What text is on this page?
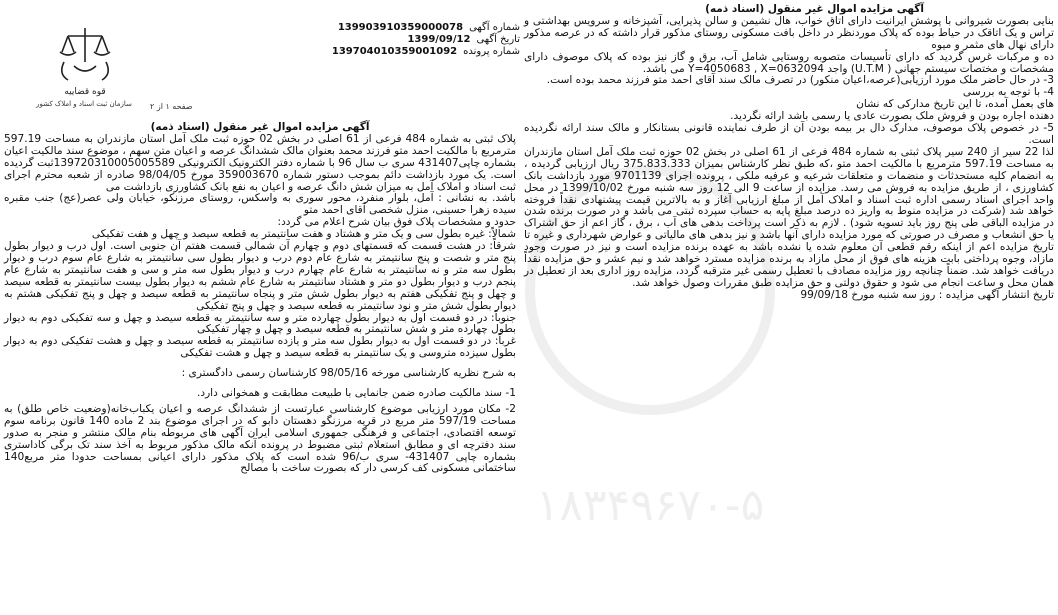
قوه قضاییه
سازمان ثبت اسناد و املاک کشور	صفحه ۱ از ۲
شماره آگهی
139903910359000078
تاریخ آگهی
1399/09/12
شماره پرونده
139704010359001092
۱۸۳۴۹۶۷۰-۵

آگهی مزایده اموال غیر منقول (اسناد ذمه)

پلاک ثبتی به شماره 484 فرعی از 61 اصلی در بخش 02 حوزه ثبت ملک آمل استان مازندران به مساحت 597.19 مترمربع با مالکیت احمد متو فرزند محمد بعنوان مالک ششدانگ عرصه و اعیان متن سهم ، موضوع سند مالکیت اعیان بشماره چاپی431407 سری ب سال 96 با شماره دفتر الکترونیک الکترونیکی 139720310005005589ثبت گردیده است. یک مورد بازداشت دائم بموجب دستور شماره 359003670 مورخ 98/04/05 صادره از شعبه محترم اجرای ثبت اسناد و املاک آمل به میزان شش دانگ عرصه و اعیان به نفع بانک کشاورزی بازداشت می

باشد. به نشانی : آمل، بلوار منفرد، محور سوری به واسکس، روستای مرزنکو، خیابان ولی عصر(عج) جنب مقبره سیده زهرا حسینی، منزل شخصی آقای احمد متو

حدود و مشخصات پلاک فوق بیان شرح اعلام می گردد:

شمالاً: غیره بطول سی و یک متر و هشتاد و هفت سانتیمتر به قطعه سیصد و چهل و هفت تفکیکی

شرقاً: در هشت قسمت که قسمتهای دوم و چهارم آن شمالی قسمت هفتم آن جنوبی است. اول درب و دیوار بطول پنج متر و شصت و پنج سانتیمتر به شارع عام دوم درب و دیوار بطول سی سانتیمتر به شارع عام سوم درب و دیوار بطول سه متر و نه سانتیمتر به شارع عام چهارم درب و دیوار بطول سه متر و سی و هفت سانتیمتر به شارع عام پنجم درب و دیوار بطول دو متر و هشتاد سانتیمتر به شارع عام ششم به دیوار بطول بیست سانتیمتر به قطعه سیصد و چهل و پنج تفکیکی هفتم به دیوار بطول شش متر و پنجاه سانتیمتر به قطعه سیصد و چهل و پنج تفکیکی هشتم به دیوار بطول شش متر و نود سانتیمتر به قطعه سیصد و چهل و پنج تفکیکی

جنوباً: در دو قسمت اول به دیوار بطول چهارده متر و سه سانتیمتر به قطعه سیصد و چهل و سه تفکیکی دوم به دیوار بطول چهارده متر و شش سانتیمتر به قطعه سیصد و چهل و چهار تفکیکی

غرباً: در دو قسمت اول به دیوار بطول سه متر و یازده سانتیمتر به قطعه سیصد و چهل و هشت تفکیکی دوم به دیوار بطول سیزده متروسی و یک سانتیمتر به قطعه سیصد و چهل و هشت تفکیکی

به شرح نظریه کارشناسی مورخه 98/05/16 کارشناسان رسمی دادگستری :

1- سند مالکیت صادره ضمن جانمایی با طبیعت مطابقت و همخوانی دارد.

2- مکان مورد ارزیابی موضوع کارشناسی عبارتست از ششدانگ عرصه و اعیان یکباب‌خانه(وضعیت خاص طلق) به مساحت 597/19 متر مربع در قریه مرزنگو دهستان دابو که در اجرای موضوع بند 2 ماده 140 قانون برنامه سوم توسعه اقتصادی، اجتماعی و فرهنگی جمهوری اسلامی ایران آگهی های مربوطه بنام مالک منتشر و منجر به صدور سند دفترچه ای و مطابق استعلام ثبتی مضبوط در پرونده آنکه مالک مذکور مربوط به آخذ سند تک برگی کاداستری بشماره چاپی 431407- سری ب/96 شده است که پلاک مذکور دارای اعیانی بمساحت حدودا متر مربع140 ساختمانی مسکونی کف کرسی دار که بصورت ساخت با مصالح

آگهی مزایده اموال غیر منقول (اسناد ذمه)

بنایی بصورت شیروانی با پوشش ایرانیت دارای اتاق خواب، هال نشیمن و سالن پذیرایی، آشپزخانه و سرویس بهداشتی و تراس و یک اتاقک در حیاط بوده که پلاک موردنظر در داخل بافت مسکونی روستای مذکور قرار داشته که در عرصه مذکور دارای نهال های مثمر و میوه

ده و مرکبات غرس گردید که دارای تأسیسات متصوبه روستایی شامل آب، برق و گاز نیز بوده که پلاک موصوف دارای مشخصات و مختصات سیستم جهانی ( U.T.M) واجد Y=4050683 , X=0632094 می باشد.

3- در حال حاضر ملک مورد ارزیابی(عرصه،اعیان منکور) در تصرف مالک سند آقای احمد متو فرزند محمد بوده است.

4- با توجه به بررسی

های بعمل آمده، تا این تاریخ مدارکی که نشان

دهنده اجاره بودن و فروش ملک بصورت عادی یا رسمی باشد ارائه نگردید.

5- در خصوص پلاک موصوف، مدارک دال بر بیمه بودن آن از طرف نماینده قانونی بستانکار و مالک سند ارائه نگردیده است.

لذا 22 سیر از 240 سیر پلاک ثبتی به شماره 484 فرعی از 61 اصلی در بخش 02 حوزه ثبت ملک آمل استان مازندران به مساحت 597.19 مترمربع با مالکیت احمد متو ،که طبق نظر کارشناس بمیزان 375.833.333 ریال ارزیابی گردیده ، به انضمام کلیه مستحدثات و منضمات و متعلقات شرعیه و عرفیه ملکی ، پرونده اجرای 9701139 مورد بازداشت بانک کشاورزی ، از طریق مزایده به فروش می رسد. مزایده از ساعت 9 الی 12 روز سه شنبه مورخ 1399/10/02 در محل واحد اجرای اسناد رسمی اداره ثبت اسناد و املاک آمل از مبلغ ارزیابی آغاز و به بالاترین قیمت پیشنهادی نقداً فروخته خواهد شد (شرکت در مزایده منوط به واریز ده درصد مبلغ پایه به حساب سپرده ثبتی می باشد و در صورت برنده شدن در مزایده الباقی طی پنج روز باید تسویه شود) . لازم به ذکر است پرداخت بدهی های آب ، برق ، گاز اعم از حق اشتراک یا حق انشعاب و مصرف در صورتی که مورد مزایده دارای آنها باشد و نیز بدهی های مالیاتی و عوارض شهرداری و غیره تا تاریخ مزایده اعم از اینکه رقم قطعی آن معلوم شده یا نشده باشد به عهده برنده مزایده است و نیز در صورت وجود مازاد، وجوه پرداختی بابت هزینه های فوق از محل مازاد به برنده مزایده مسترد خواهد شد و نیم عشر و حق مزایده نقداً دریافت خواهد شد. ضمناً چنانچه روز مزایده مصادف با تعطیل رسمی غیر مترقبه گردد، مزایده روز اداری بعد از تعطیل در همان محل و ساعت انجام می شود و حقوق دولتی و حق مزایده طبق مقررات وصول خواهد شد.

تاریخ انتشار آگهی مزایده : روز سه شنبه مورخ 99/09/18
